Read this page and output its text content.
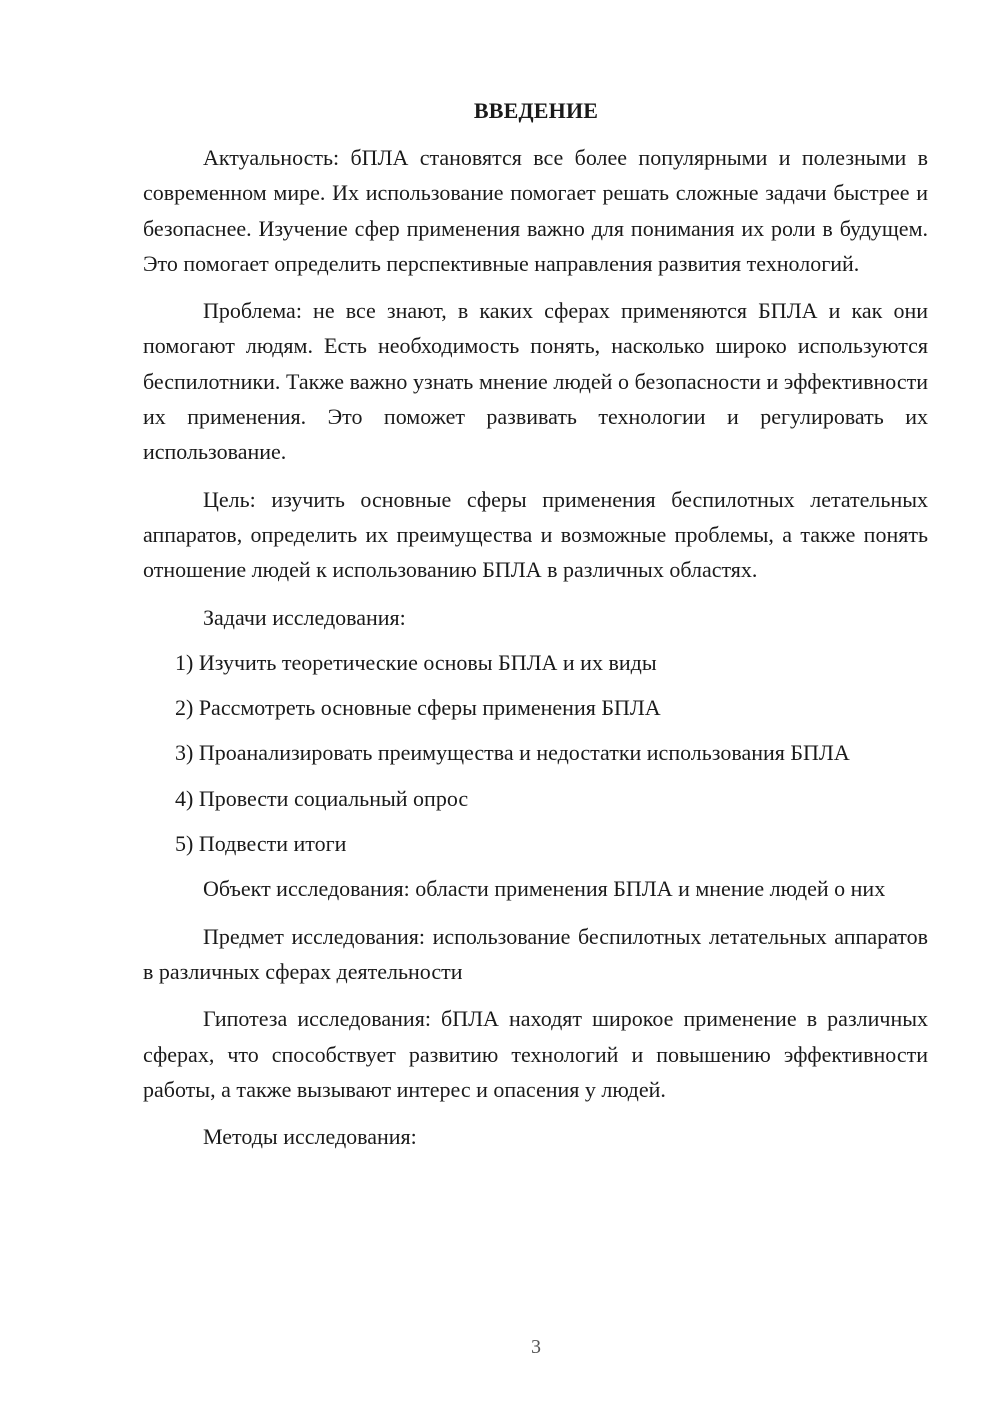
ВВЕДЕНИЕ

Актуальность: бПЛА становятся все более популярными и полезными в современном мире. Их использование помогает решать сложные задачи быстрее и безопаснее. Изучение сфер применения важно для понимания их роли в будущем. Это помогает определить перспективные направления развития технологий.

Проблема: не все знают, в каких сферах применяются БПЛА и как они помогают людям. Есть необходимость понять, насколько широко используются беспилотники. Также важно узнать мнение людей о безопасности и эффективности их применения. Это поможет развивать технологии и регулировать их использование.

Цель: изучить основные сферы применения беспилотных летательных аппаратов, определить их преимущества и возможные проблемы, а также понять отношение людей к использованию БПЛА в различных областях.

Задачи исследования:

1) Изучить теоретические основы БПЛА и их виды

2) Рассмотреть основные сферы применения БПЛА

3) Проанализировать преимущества и недостатки использования БПЛА

4) Провести социальный опрос

5) Подвести итоги

Объект исследования: области применения БПЛА и мнение людей о них

Предмет исследования: использование беспилотных летательных аппаратов в различных сферах деятельности

Гипотеза исследования: бПЛА находят широкое применение в различных сферах, что способствует развитию технологий и повышению эффективности работы, а также вызывают интерес и опасения у людей.

Методы исследования:

3
